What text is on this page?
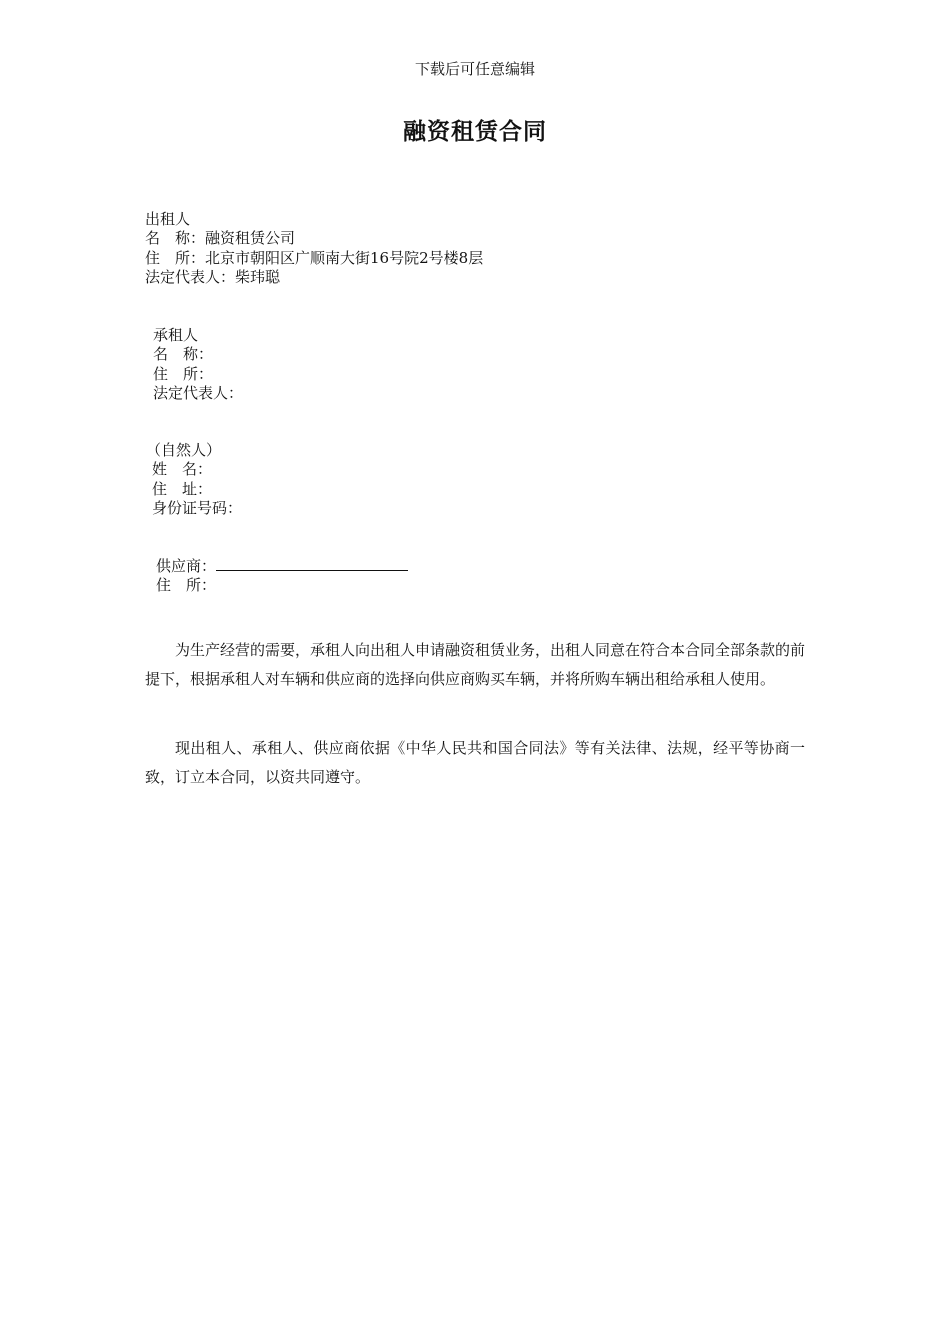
下载后可任意编辑
融资租赁合同
出租人
名　称：融资租赁公司
住　所：北京市朝阳区广顺南大街16号院2号楼8层
法定代表人：柴玮聪
承租人
名　称：
住　所：
法定代表人：
（自然人）
姓　名：
住　址：
身份证号码：
供应商：
住　所：

为生产经营的需要，承租人向出租人申请融资租赁业务，出租人同意在符合本合同全部条款的前提下，根据承租人对车辆和供应商的选择向供应商购买车辆，并将所购车辆出租给承租人使用。

现出租人、承租人、供应商依据《中华人民共和国合同法》等有关法律、法规，经平等协商一致，订立本合同，以资共同遵守。
